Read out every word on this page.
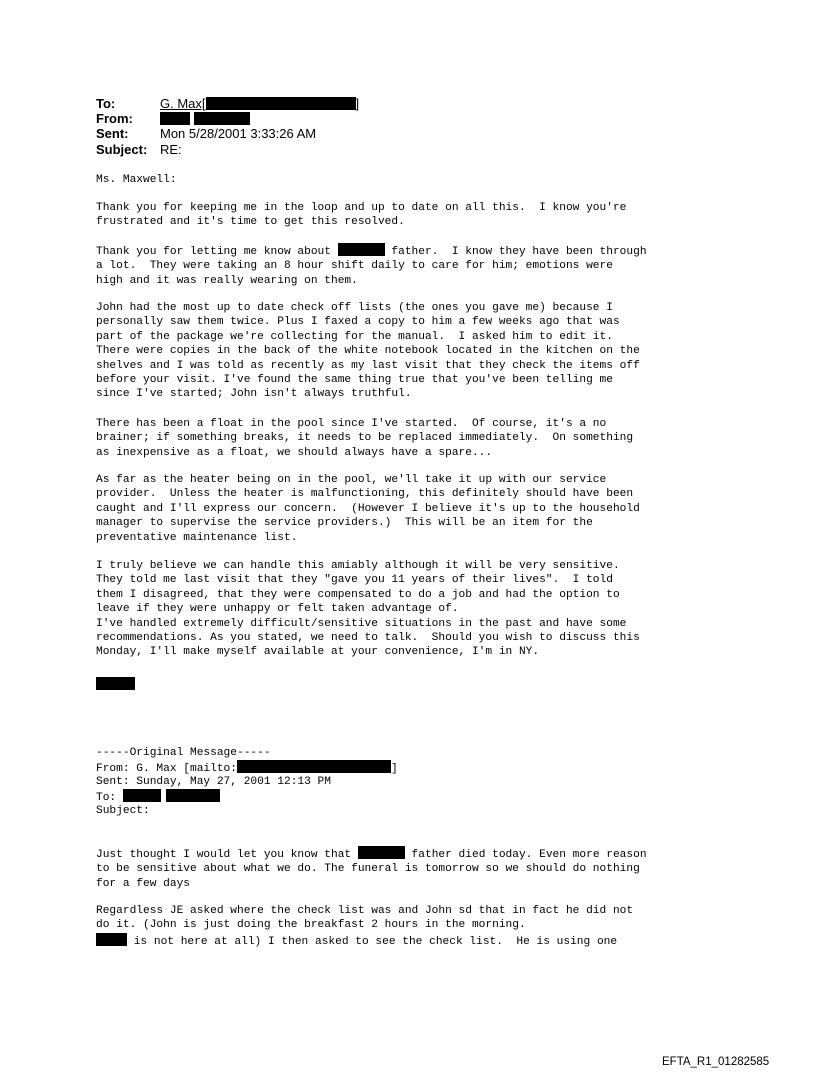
To:	G. Max[	]
From:
Sent: Mon 5/28/2001 3:33:26 AM
Subject: RE:
Ms. Maxwell:
Thank you for keeping me in the loop and up to date on all this.  I know you're
frustrated and it's time to get this resolved.
Thank you for letting me know about	father.  I know they have been through
a lot.  They were taking an 8 hour shift daily to care for him; emotions were
high and it was really wearing on them.
John had the most up to date check off lists (the ones you gave me) because I
personally saw them twice. Plus I faxed a copy to him a few weeks ago that was
part of the package we're collecting for the manual.  I asked him to edit it.
There were copies in the back of the white notebook located in the kitchen on the
shelves and I was told as recently as my last visit that they check the items off
before your visit. I've found the same thing true that you've been telling me
since I've started; John isn't always truthful.
There has been a float in the pool since I've started.  Of course, it's a no
brainer; if something breaks, it needs to be replaced immediately.  On something
as inexpensive as a float, we should always have a spare...
As far as the heater being on in the pool, we'll take it up with our service
provider.  Unless the heater is malfunctioning, this definitely should have been
caught and I'll express our concern.  (However I believe it's up to the household
manager to supervise the service providers.)  This will be an item for the
preventative maintenance list.
I truly believe we can handle this amiably although it will be very sensitive.
They told me last visit that they "gave you 11 years of their lives".  I told
them I disagreed, that they were compensated to do a job and had the option to
leave if they were unhappy or felt taken advantage of.
I've handled extremely difficult/sensitive situations in the past and have some
recommendations. As you stated, we need to talk.  Should you wish to discuss this
Monday, I'll make myself available at your convenience, I'm in NY.
-----Original Message-----
From: G. Max [mailto:	]
Sent: Sunday, May 27, 2001 12:13 PM
To:
Subject:
Just thought I would let you know that	father died today. Even more reason
to be sensitive about what we do. The funeral is tomorrow so we should do nothing
for a few days
Regardless JE asked where the check list was and John sd that in fact he did not
do it. (John is just doing the breakfast 2 hours in the morning.
is not here at all) I then asked to see the check list.  He is using one
EFTA_R1_01282585
